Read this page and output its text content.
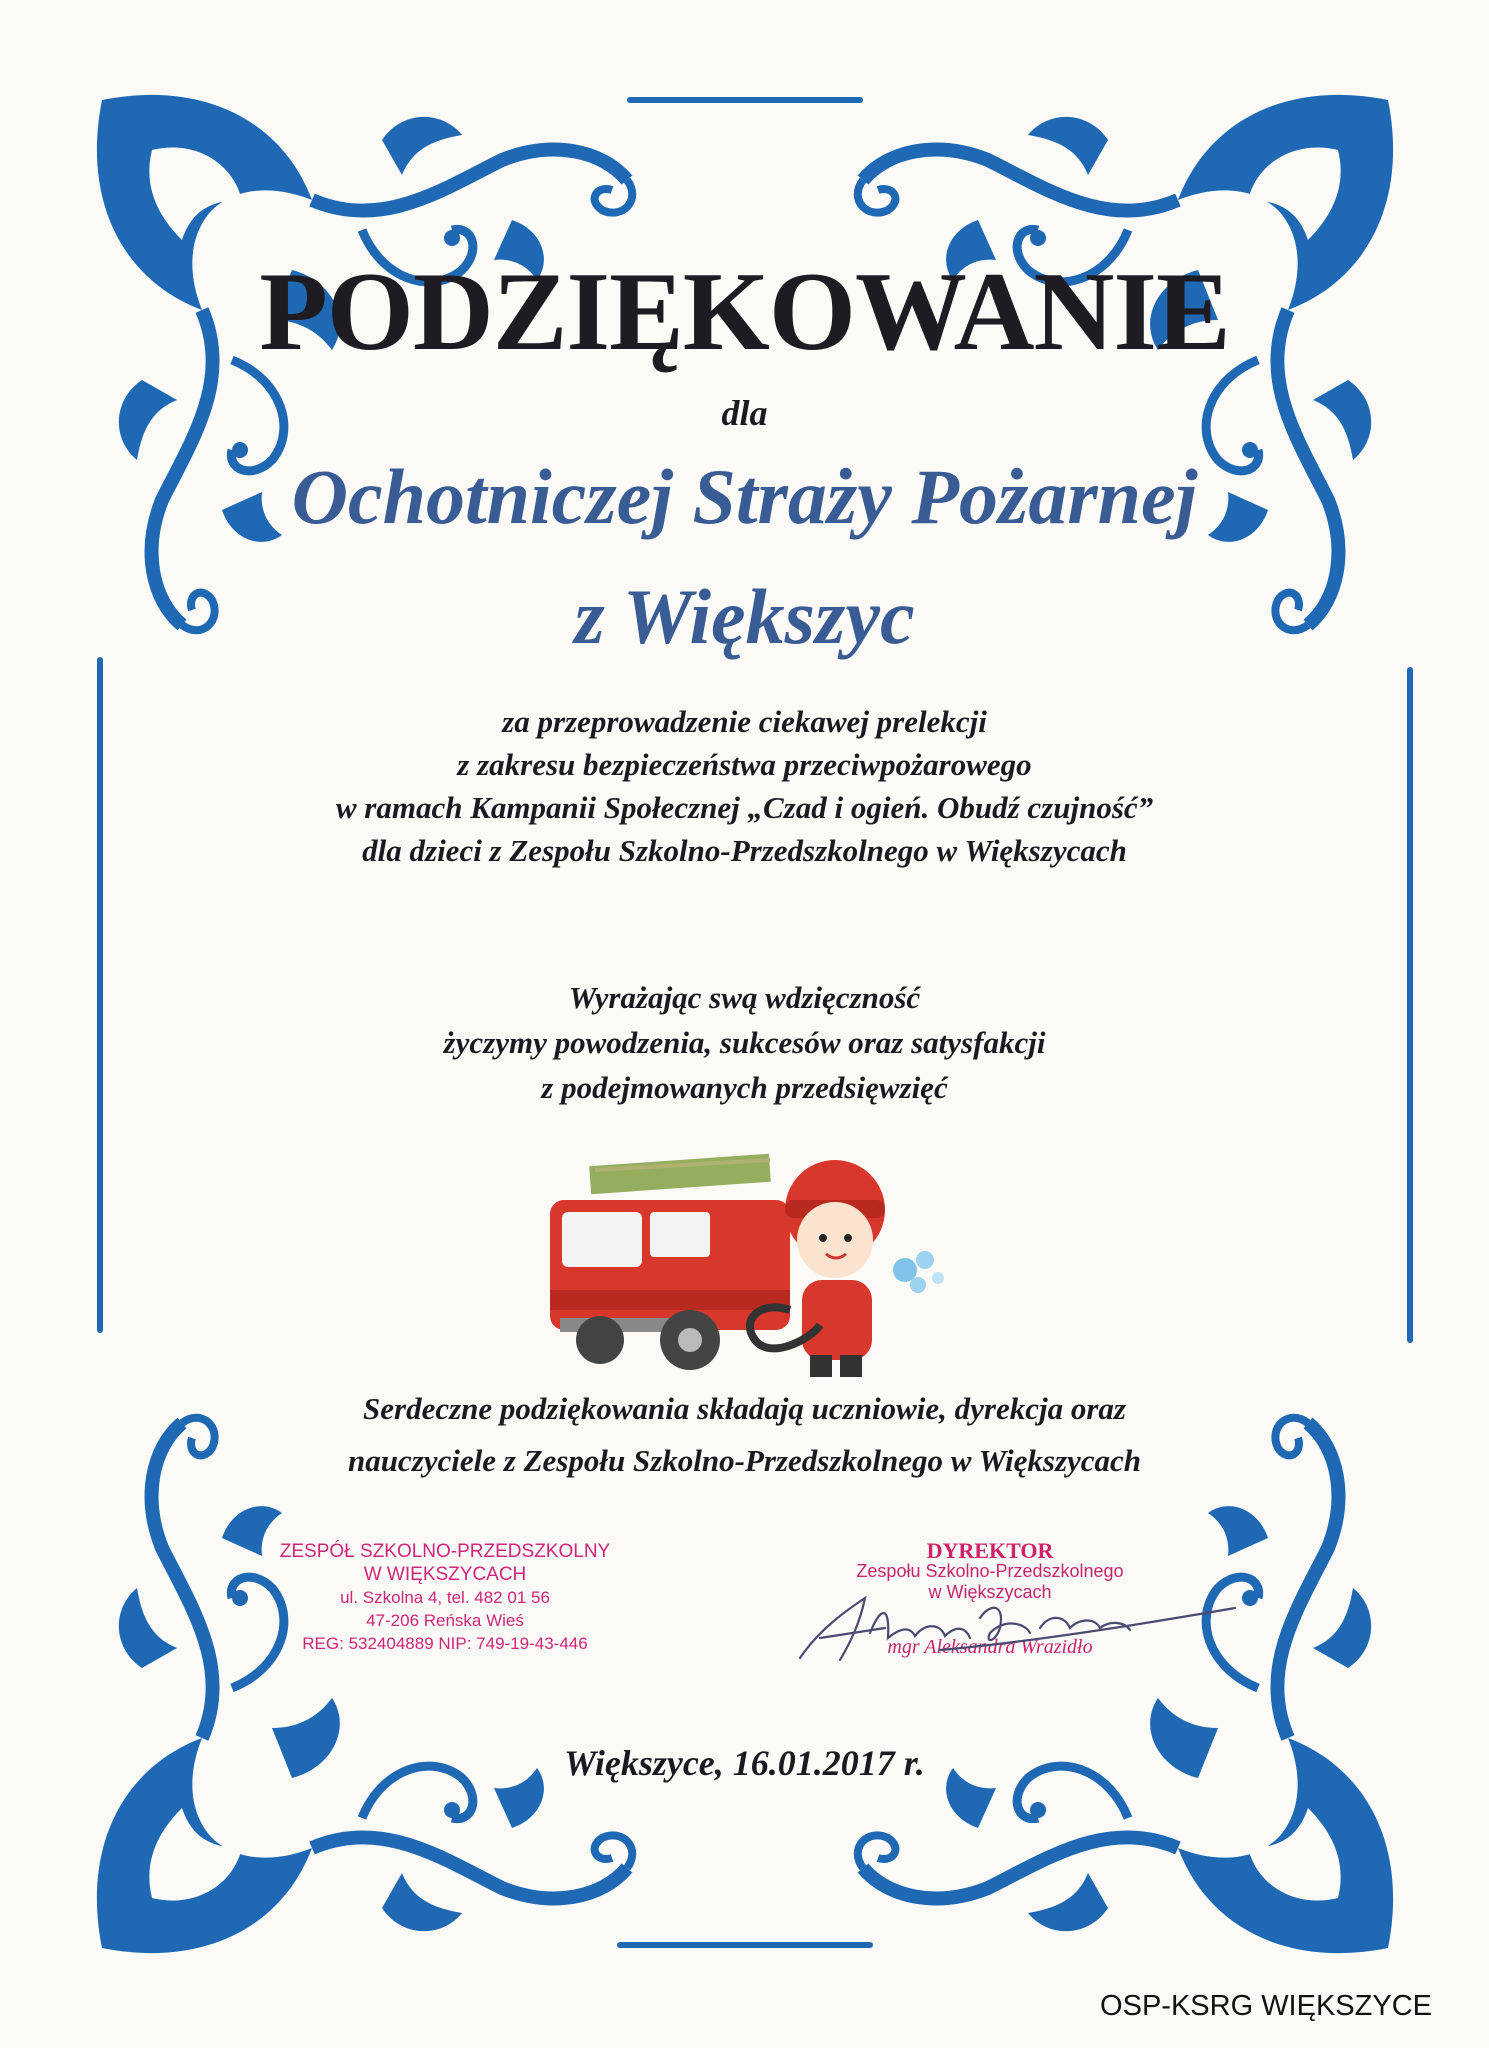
PODZIĘKOWANIE
dla
Ochotniczej Straży Pożarnej
z Większyc
za przeprowadzenie ciekawej prelekcji
z zakresu bezpieczeństwa przeciwpożarowego
w ramach Kampanii Społecznej „Czad i ogień. Obudź czujność”
dla dzieci z Zespołu Szkolno-Przedszkolnego w Większycach
Wyrażając swą wdzięczność
życzymy powodzenia, sukcesów oraz satysfakcji
z podejmowanych przedsięwzięć
Serdeczne podziękowania składają uczniowie, dyrekcja oraz
nauczyciele z Zespołu Szkolno-Przedszkolnego w Większycach
ZESPÓŁ SZKOLNO-PRZEDSZKOLNY
W WIĘKSZYCACH
ul. Szkolna 4, tel. 482 01 56
47-206 Reńska Wieś
REG: 532404889 NIP: 749-19-43-446
DYREKTOR
Zespołu Szkolno-Przedszkolnego
w Większycach
mgr Aleksandra Wrazidło
Większyce, 16.01.2017 r.
OSP-KSRG WIĘKSZYCE
